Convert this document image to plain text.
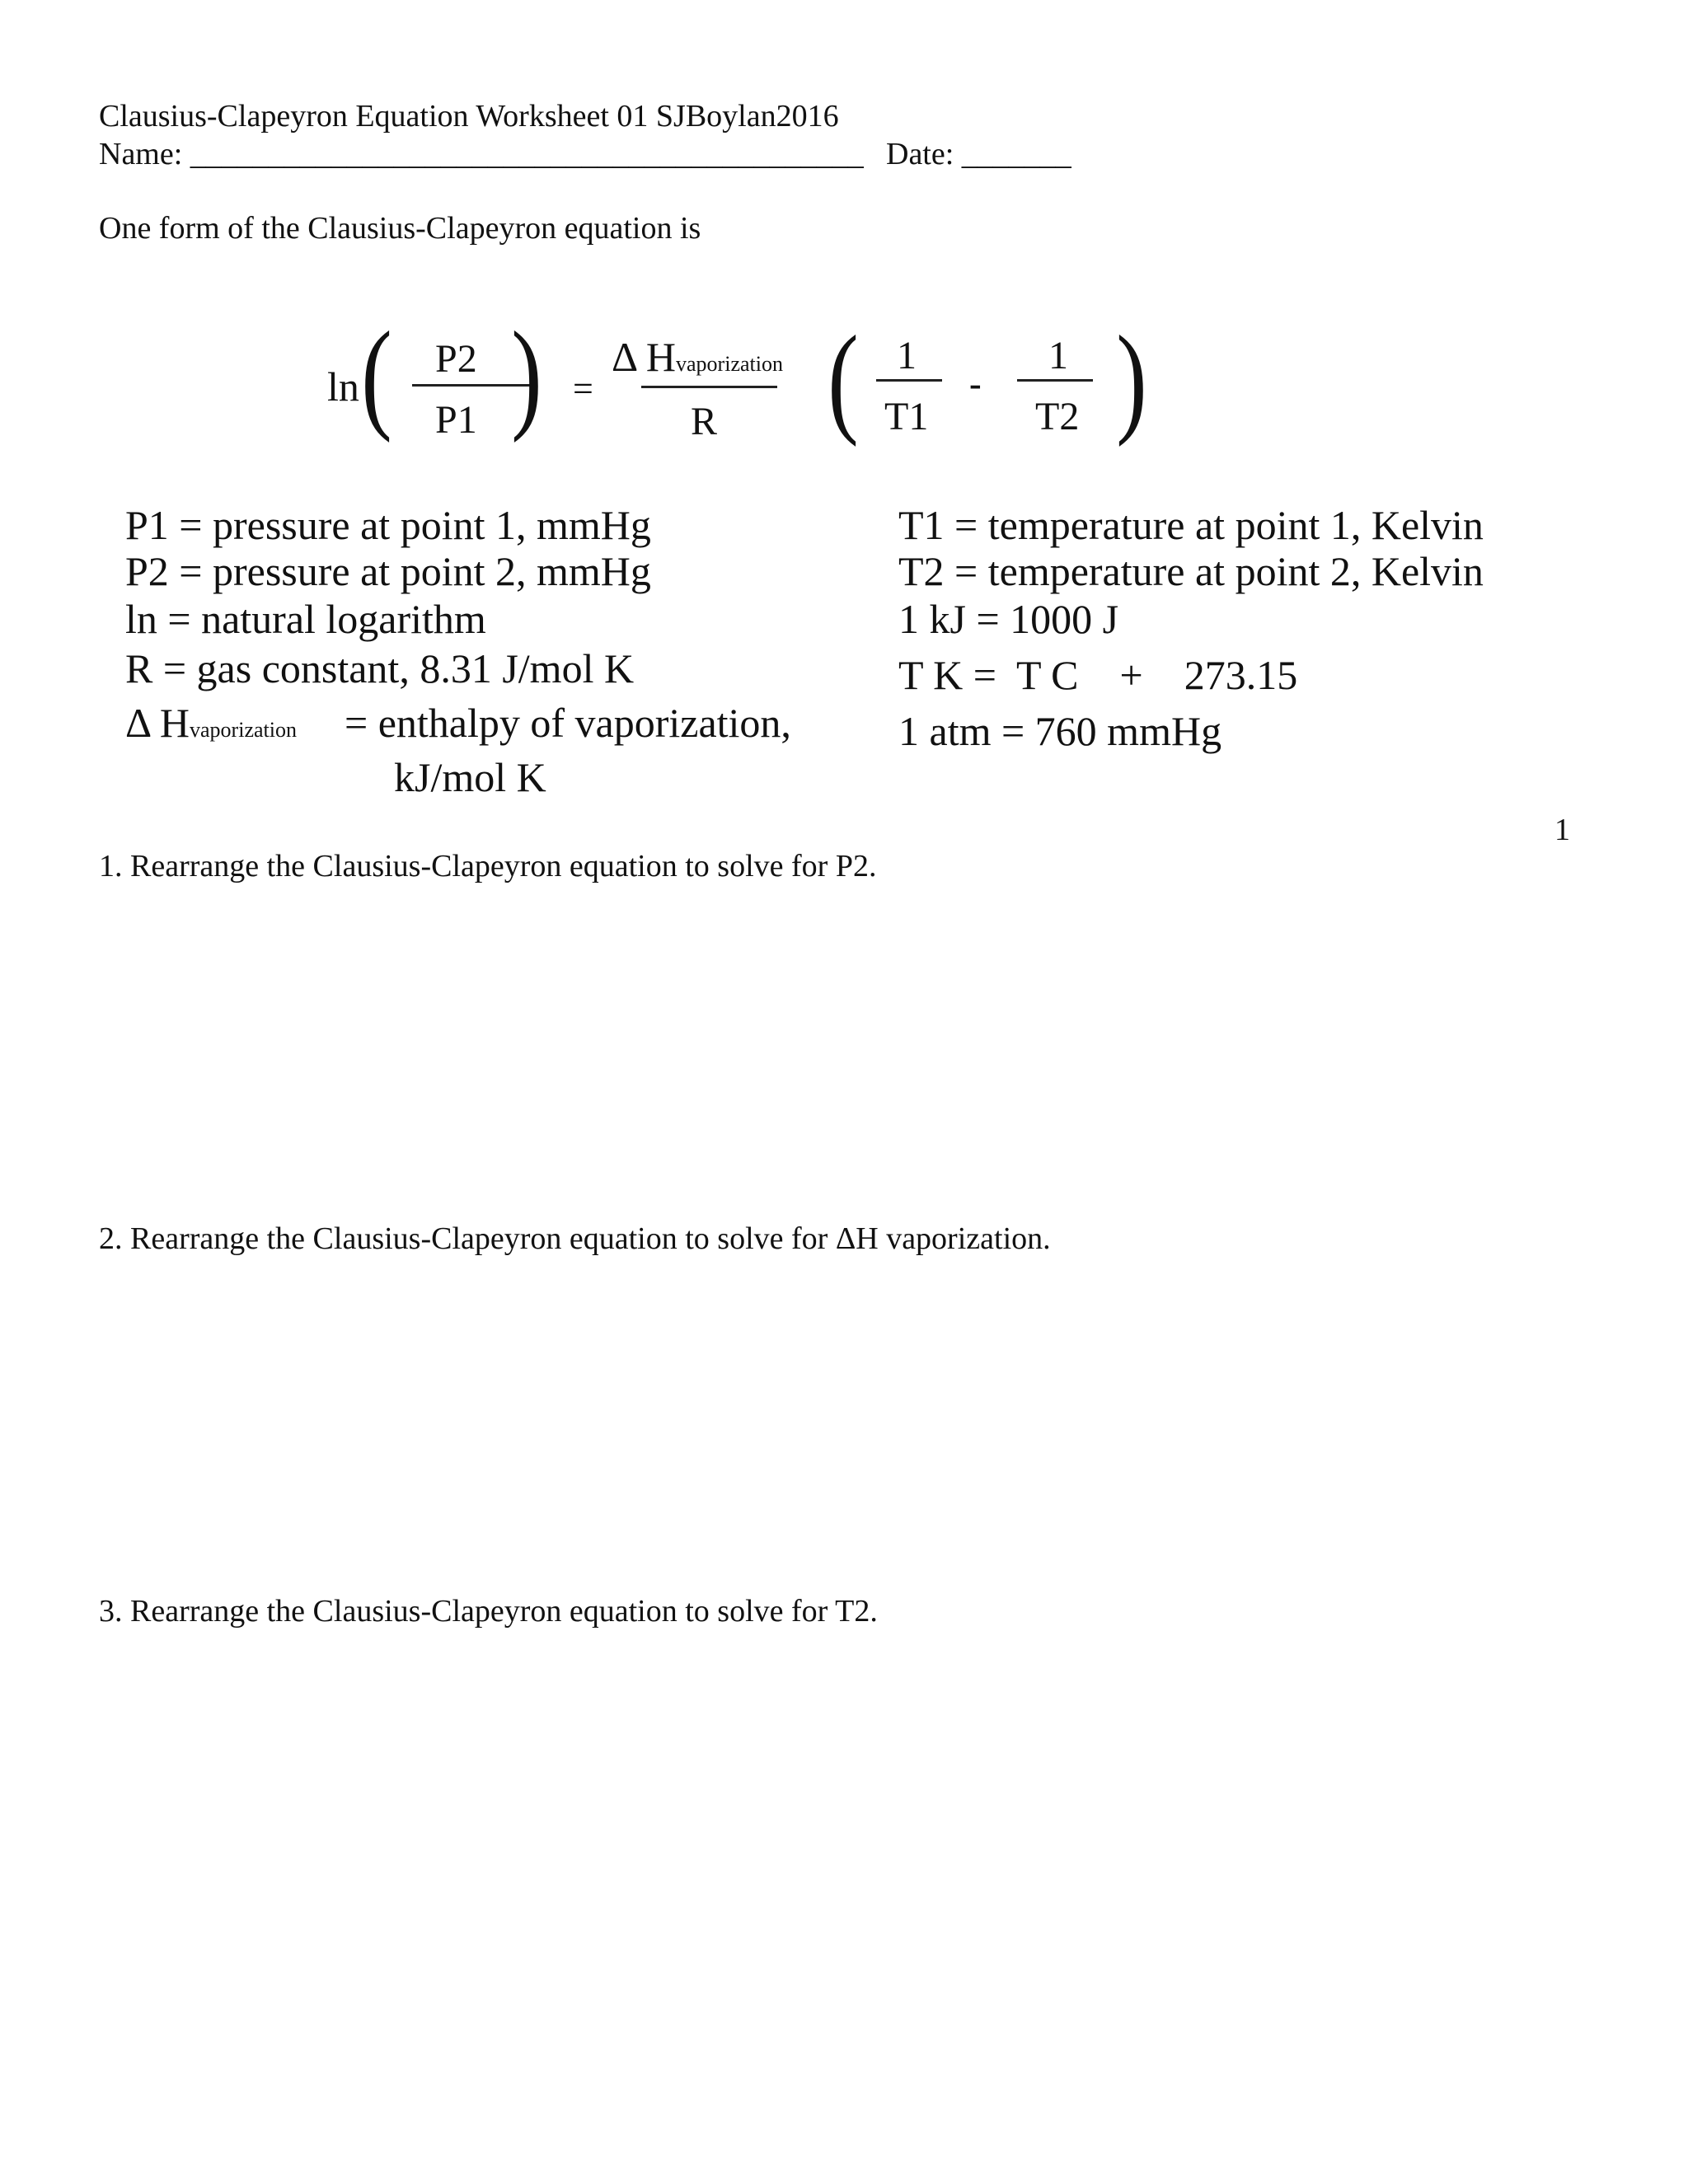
Clausius-Clapeyron Equation Worksheet 01 SJBoylan2016
Name: ___________________________________________ Date: _______
One form of the Clausius-Clapeyron equation is
ln ( P2
P1 ) =
Δ Hvaporization
R ( 1
T1
-
1
T2 )
P1 = pressure at point 1, mmHg
P2 = pressure at point 2, mmHg
ln = natural logarithm
R = gas constant, 8.31 J/mol K
Δ Hvaporization = enthalpy of vaporization,
kJ/mol K
T1 = temperature at point 1, Kelvin
T2 = temperature at point 2, Kelvin
1 kJ = 1000 J
T K =  T C    +    273.15
1 atm = 760 mmHg
1
1. Rearrange the Clausius-Clapeyron equation to solve for P2.
2. Rearrange the Clausius-Clapeyron equation to solve for ΔH vaporization.
3. Rearrange the Clausius-Clapeyron equation to solve for T2.
